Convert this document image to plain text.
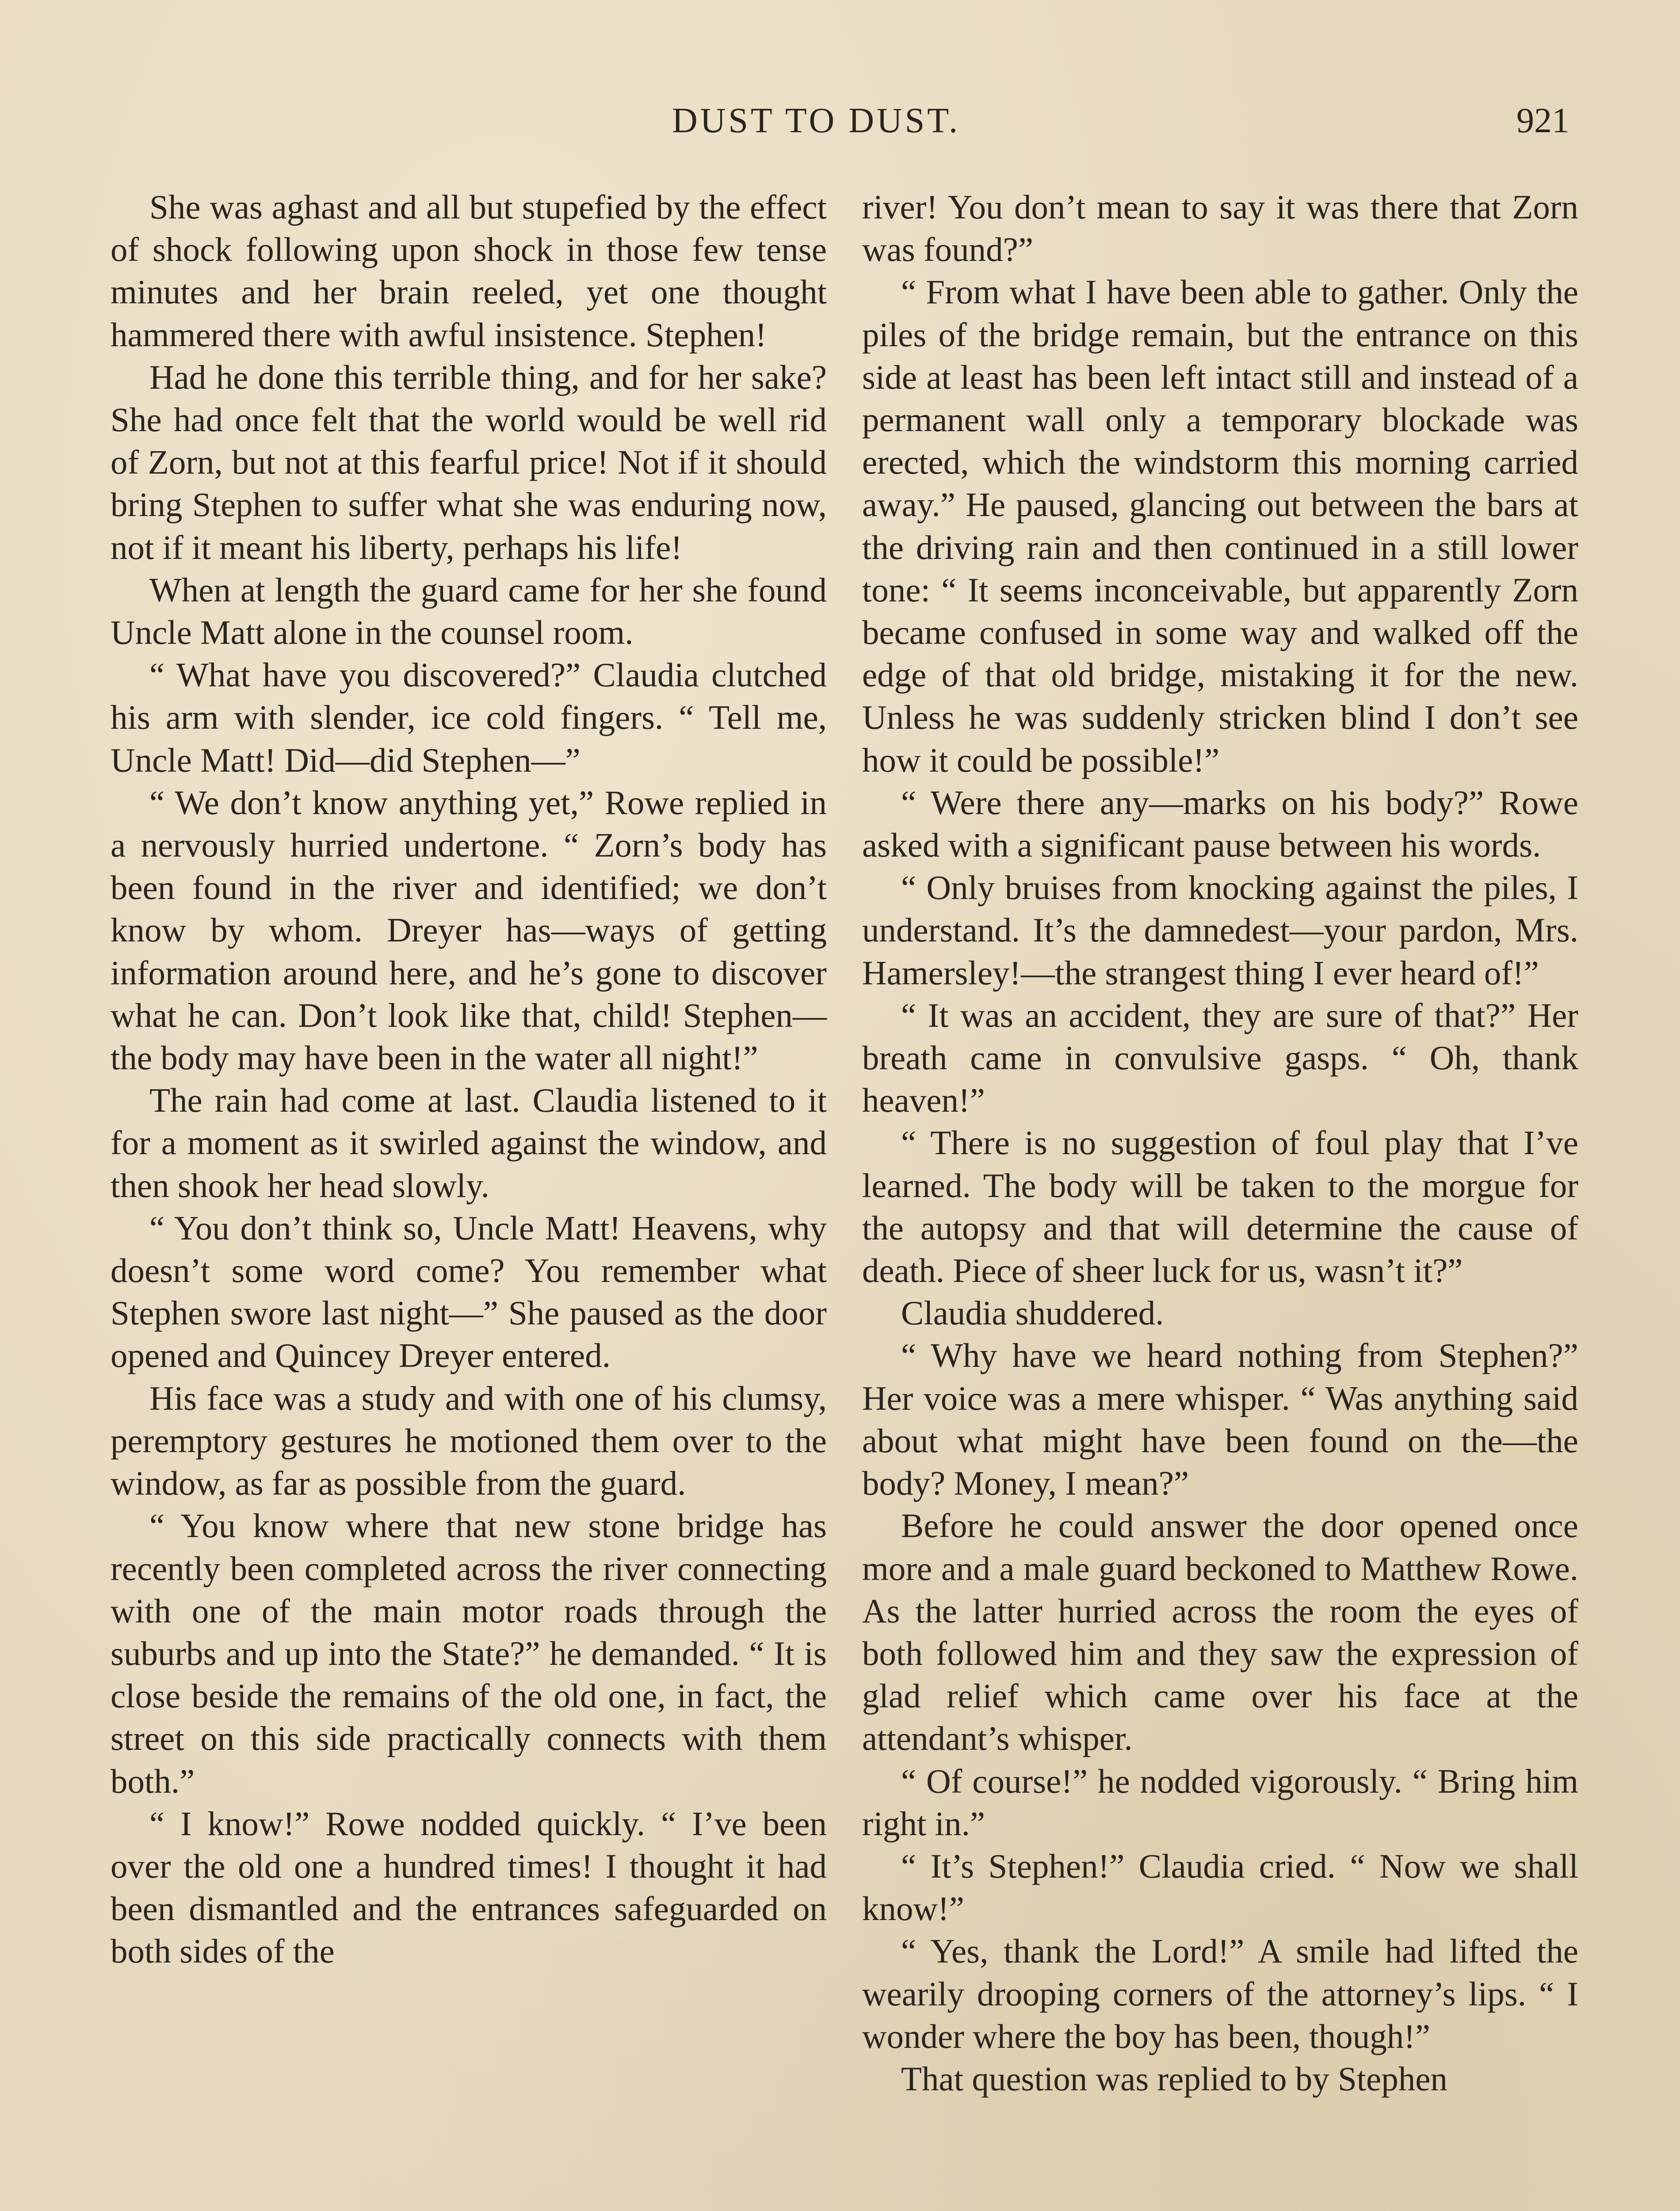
DUST TO DUST.	921

She was aghast and all but stupefied by the effect of shock following upon shock in those few tense minutes and her brain reeled, yet one thought hammered there with awful insistence. Stephen!

Had he done this terrible thing, and for her sake? She had once felt that the world would be well rid of Zorn, but not at this fearful price! Not if it should bring Stephen to suffer what she was enduring now, not if it meant his liberty, perhaps his life!

When at length the guard came for her she found Uncle Matt alone in the counsel room.

“ What have you discovered?” Claudia clutched his arm with slender, ice cold fingers. “ Tell me, Uncle Matt! Did—did Stephen—”

“ We don’t know anything yet,” Rowe replied in a nervously hurried undertone. “ Zorn’s body has been found in the river and identified; we don’t know by whom. Dreyer has—ways of getting information around here, and he’s gone to discover what he can. Don’t look like that, child! Stephen—the body may have been in the water all night!”

The rain had come at last. Claudia listened to it for a moment as it swirled against the window, and then shook her head slowly.

“ You don’t think so, Uncle Matt! Heavens, why doesn’t some word come? You remember what Stephen swore last night—” She paused as the door opened and Quincey Dreyer entered.

His face was a study and with one of his clumsy, peremptory gestures he motioned them over to the window, as far as possible from the guard.

“ You know where that new stone bridge has recently been completed across the river connecting with one of the main motor roads through the suburbs and up into the State?” he demanded. “ It is close beside the remains of the old one, in fact, the street on this side practically connects with them both.”

“ I know!” Rowe nodded quickly. “ I’ve been over the old one a hundred times! I thought it had been dismantled and the entrances safeguarded on both sides of the

river! You don’t mean to say it was there that Zorn was found?”

“ From what I have been able to gather. Only the piles of the bridge remain, but the entrance on this side at least has been left intact still and instead of a permanent wall only a temporary blockade was erected, which the windstorm this morning carried away.” He paused, glancing out between the bars at the driving rain and then continued in a still lower tone: “ It seems inconceivable, but apparently Zorn became confused in some way and walked off the edge of that old bridge, mistaking it for the new. Unless he was suddenly stricken blind I don’t see how it could be possible!”

“ Were there any—marks on his body?” Rowe asked with a significant pause between his words.

“ Only bruises from knocking against the piles, I understand. It’s the damnedest—your pardon, Mrs. Hamersley!—the strangest thing I ever heard of!”

“ It was an accident, they are sure of that?” Her breath came in convulsive gasps. “ Oh, thank heaven!”

“ There is no suggestion of foul play that I’ve learned. The body will be taken to the morgue for the autopsy and that will determine the cause of death. Piece of sheer luck for us, wasn’t it?”

Claudia shuddered.

“ Why have we heard nothing from Stephen?” Her voice was a mere whisper. “ Was anything said about what might have been found on the—the body? Money, I mean?”

Before he could answer the door opened once more and a male guard beckoned to Matthew Rowe. As the latter hurried across the room the eyes of both followed him and they saw the expression of glad relief which came over his face at the attendant’s whisper.

“ Of course!” he nodded vigorously. “ Bring him right in.”

“ It’s Stephen!” Claudia cried. “ Now we shall know!”

“ Yes, thank the Lord!” A smile had lifted the wearily drooping corners of the attorney’s lips. “ I wonder where the boy has been, though!”

That question was replied to by Stephen
